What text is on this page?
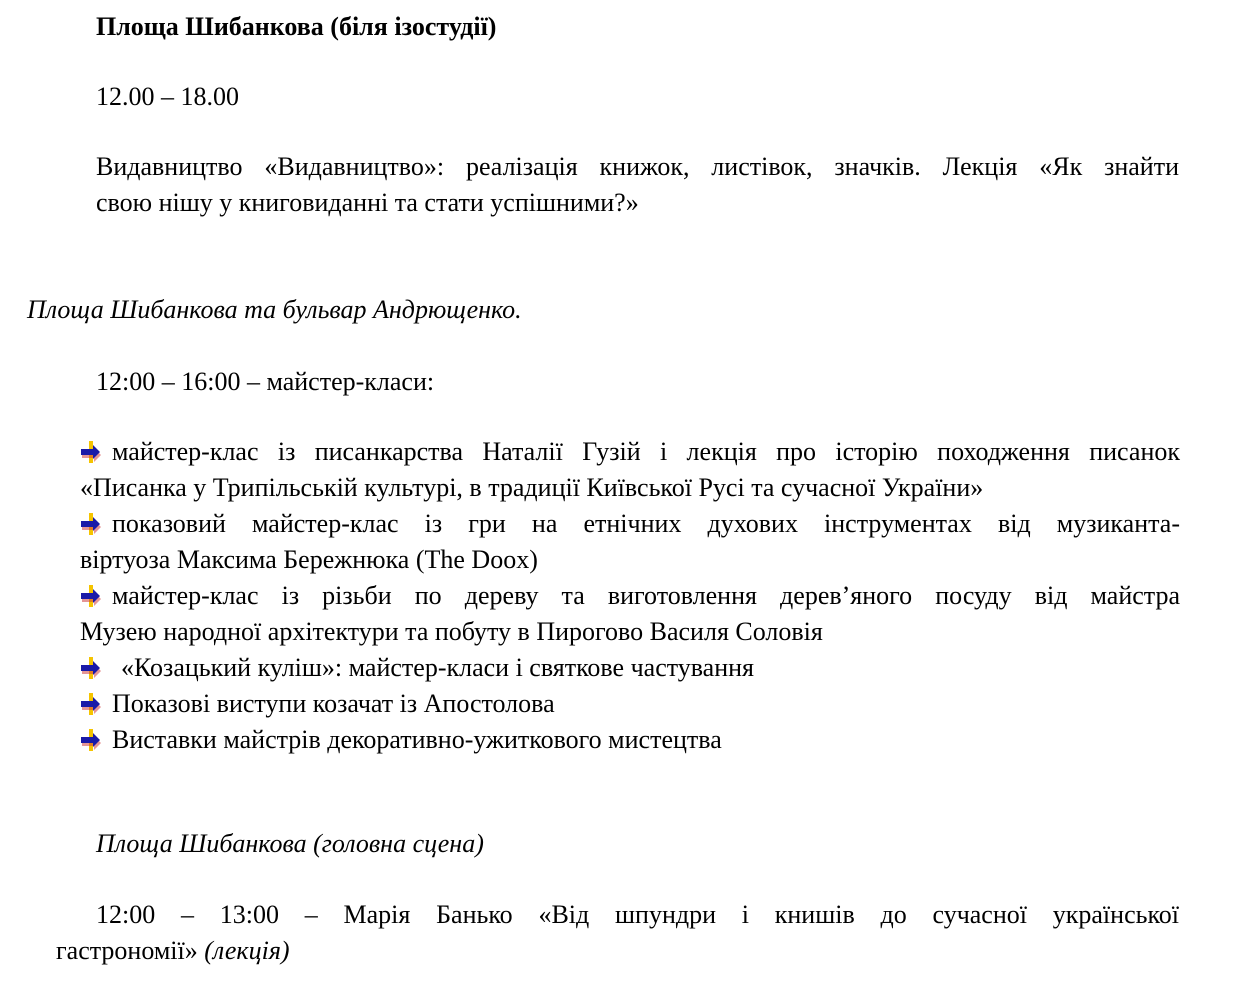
Площа Шибанкова (біля ізостудії)
12.00 – 18.00
Видавництво «Видавництво»: реалізація книжок, листівок, значків. Лекція «Як знайти
свою нішу у книговиданні та стати успішними?»
Площа Шибанкова та бульвар Андрющенко.
12:00 – 16:00 – майстер-класи:
майстер-клас із писанкарства Наталії Гузій і лекція про історію походження писанок
«Писанка у Трипільській культурі, в традиції Київської Русі та сучасної України»
показовий майстер-клас із гри на етнічних духових інструментах від музиканта-
віртуоза Максима Бережнюка (The Doox)
майстер-клас із різьби по дереву та виготовлення дерев’яного посуду від майстра
Музею народної архітектури та побуту в Пирогово Василя Соловія
«Козацький куліш»: майстер-класи і святкове частування
Показові виступи козачат із Апостолова
Виставки майстрів декоративно-ужиткового мистецтва
Площа Шибанкова (головна сцена)
12:00 – 13:00 – Марія Банько «Від шпундри і книшів до сучасної української
гастрономії» (лекція)
